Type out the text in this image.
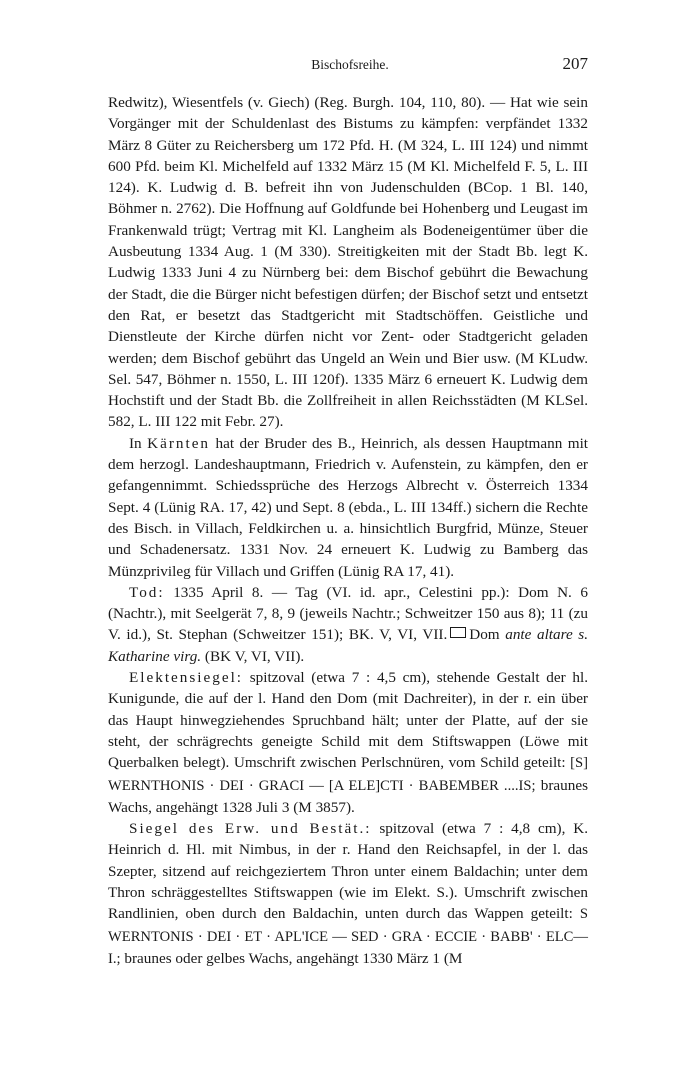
Bischofsreihe.	207

Redwitz), Wiesentfels (v. Giech) (Reg. Burgh. 104, 110, 80). — Hat wie sein Vorgänger mit der Schuldenlast des Bistums zu kämpfen: verpfändet 1332 März 8 Güter zu Reichersberg um 172 Pfd. H. (M 324, L. III 124) und nimmt 600 Pfd. beim Kl. Michelfeld auf 1332 März 15 (M Kl. Michelfeld F. 5, L. III 124). K. Ludwig d. B. befreit ihn von Judenschulden (BCop. 1 Bl. 140, Böhmer n. 2762). Die Hoffnung auf Goldfunde bei Hohenberg und Leugast im Frankenwald trügt; Vertrag mit Kl. Langheim als Bodeneigentümer über die Ausbeutung 1334 Aug. 1 (M 330). Streitigkeiten mit der Stadt Bb. legt K. Ludwig 1333 Juni 4 zu Nürnberg bei: dem Bischof gebührt die Bewachung der Stadt, die die Bürger nicht befestigen dürfen; der Bischof setzt und entsetzt den Rat, er besetzt das Stadtgericht mit Stadtschöffen. Geistliche und Dienstleute der Kirche dürfen nicht vor Zent- oder Stadtgericht geladen werden; dem Bischof gebührt das Ungeld an Wein und Bier usw. (M KLudw. Sel. 547, Böhmer n. 1550, L. III 120f). 1335 März 6 erneuert K. Ludwig dem Hochstift und der Stadt Bb. die Zollfreiheit in allen Reichsstädten (M KLSel. 582, L. III 122 mit Febr. 27).

In Kärnten hat der Bruder des B., Heinrich, als dessen Hauptmann mit dem herzogl. Landeshauptmann, Friedrich v. Aufenstein, zu kämpfen, den er gefangennimmt. Schiedssprüche des Herzogs Albrecht v. Österreich 1334 Sept. 4 (Lünig RA. 17, 42) und Sept. 8 (ebda., L. III 134ff.) sichern die Rechte des Bisch. in Villach, Feldkirchen u. a. hinsichtlich Burgfrid, Münze, Steuer und Schadenersatz. 1331 Nov. 24 erneuert K. Ludwig zu Bamberg das Münzprivileg für Villach und Griffen (Lünig RA 17, 41).

Tod: 1335 April 8. — Tag (VI. id. apr., Celestini pp.): Dom N. 6 (Nachtr.), mit Seelgerät 7, 8, 9 (jeweils Nachtr.; Schweitzer 150 aus 8); 11 (zu V. id.), St. Stephan (Schweitzer 151); BK. V, VI, VII. Dom ante altare s. Katharine virg. (BK V, VI, VII).

Elektensiegel: spitzoval (etwa 7 : 4,5 cm), stehende Gestalt der hl. Kunigunde, die auf der l. Hand den Dom (mit Dachreiter), in der r. ein über das Haupt hinwegziehendes Spruchband hält; unter der Platte, auf der sie steht, der schrägrechts geneigte Schild mit dem Stiftswappen (Löwe mit Querbalken belegt). Umschrift zwischen Perlschnüren, vom Schild geteilt: [S] WERNTHONIS · DEI · GRACI — [A ELE]CTI · BABEMBER ....IS; braunes Wachs, angehängt 1328 Juli 3 (M 3857).

Siegel des Erw. und Bestät.: spitzoval (etwa 7 : 4,8 cm), K. Heinrich d. Hl. mit Nimbus, in der r. Hand den Reichsapfel, in der l. das Szepter, sitzend auf reichgeziertem Thron unter einem Baldachin; unter dem Thron schräggestelltes Stiftswappen (wie im Elekt. S.). Umschrift zwischen Randlinien, oben durch den Baldachin, unten durch das Wappen geteilt: S WERNTONIS · DEI · ET · APL'ICE — SED · GRA · ECCIE · BABB' · ELC—I.; braunes oder gelbes Wachs, angehängt 1330 März 1 (M
